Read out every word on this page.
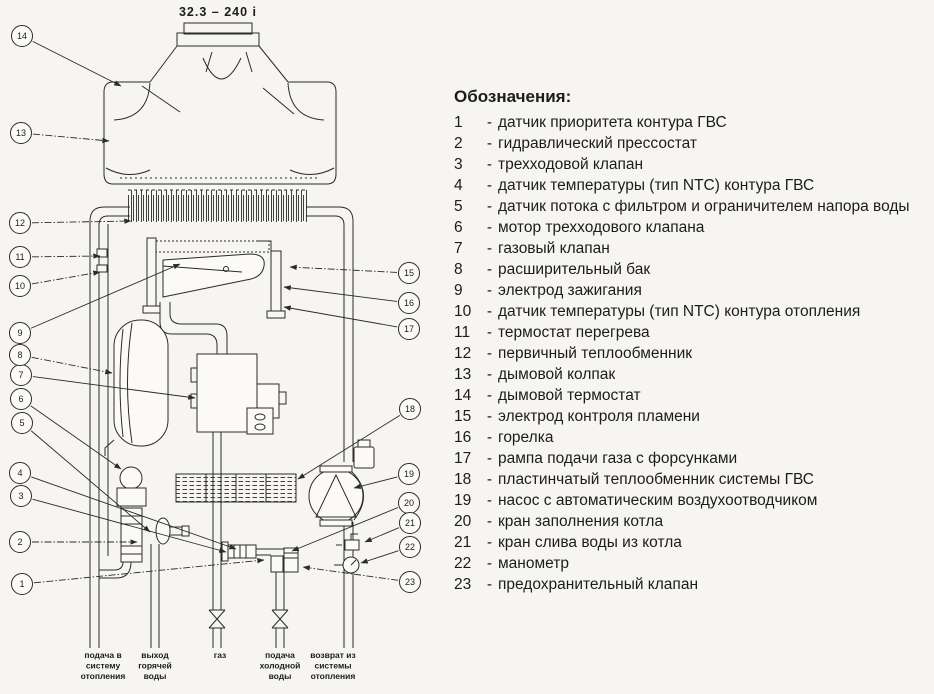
32.3 – 240 i
1
2
3
4
5
6
7
8
9
10
11
12
13
14
15
16
17
18
19
20
21
22
23
подача в
систему
отопления
выход
горячей
воды
газ	подача
холодной
воды
возврат из
системы
отопления
Обозначения:
1	- датчик приоритета контура ГВС
2	- гидравлический прессостат
3	- трехходовой клапан
4	- датчик температуры (тип NTC) контура ГВС
5	- датчик потока с фильтром и ограничителем напора воды
6	- мотор трехходового клапана
7	- газовый клапан
8	- расширительный бак
9	- электрод зажигания
10	- датчик температуры (тип NTC) контура отопления
11	- термостат перегрева
12	- первичный теплообменник
13	- дымовой колпак
14	- дымовой термостат
15	- электрод контроля пламени
16	- горелка
17	- рампа подачи газа с форсунками
18	- пластинчатый теплообменник системы ГВС
19	- насос с автоматическим воздухоотводчиком
20	- кран заполнения котла
21	- кран слива воды из котла
22	- манометр
23	- предохранительный клапан
